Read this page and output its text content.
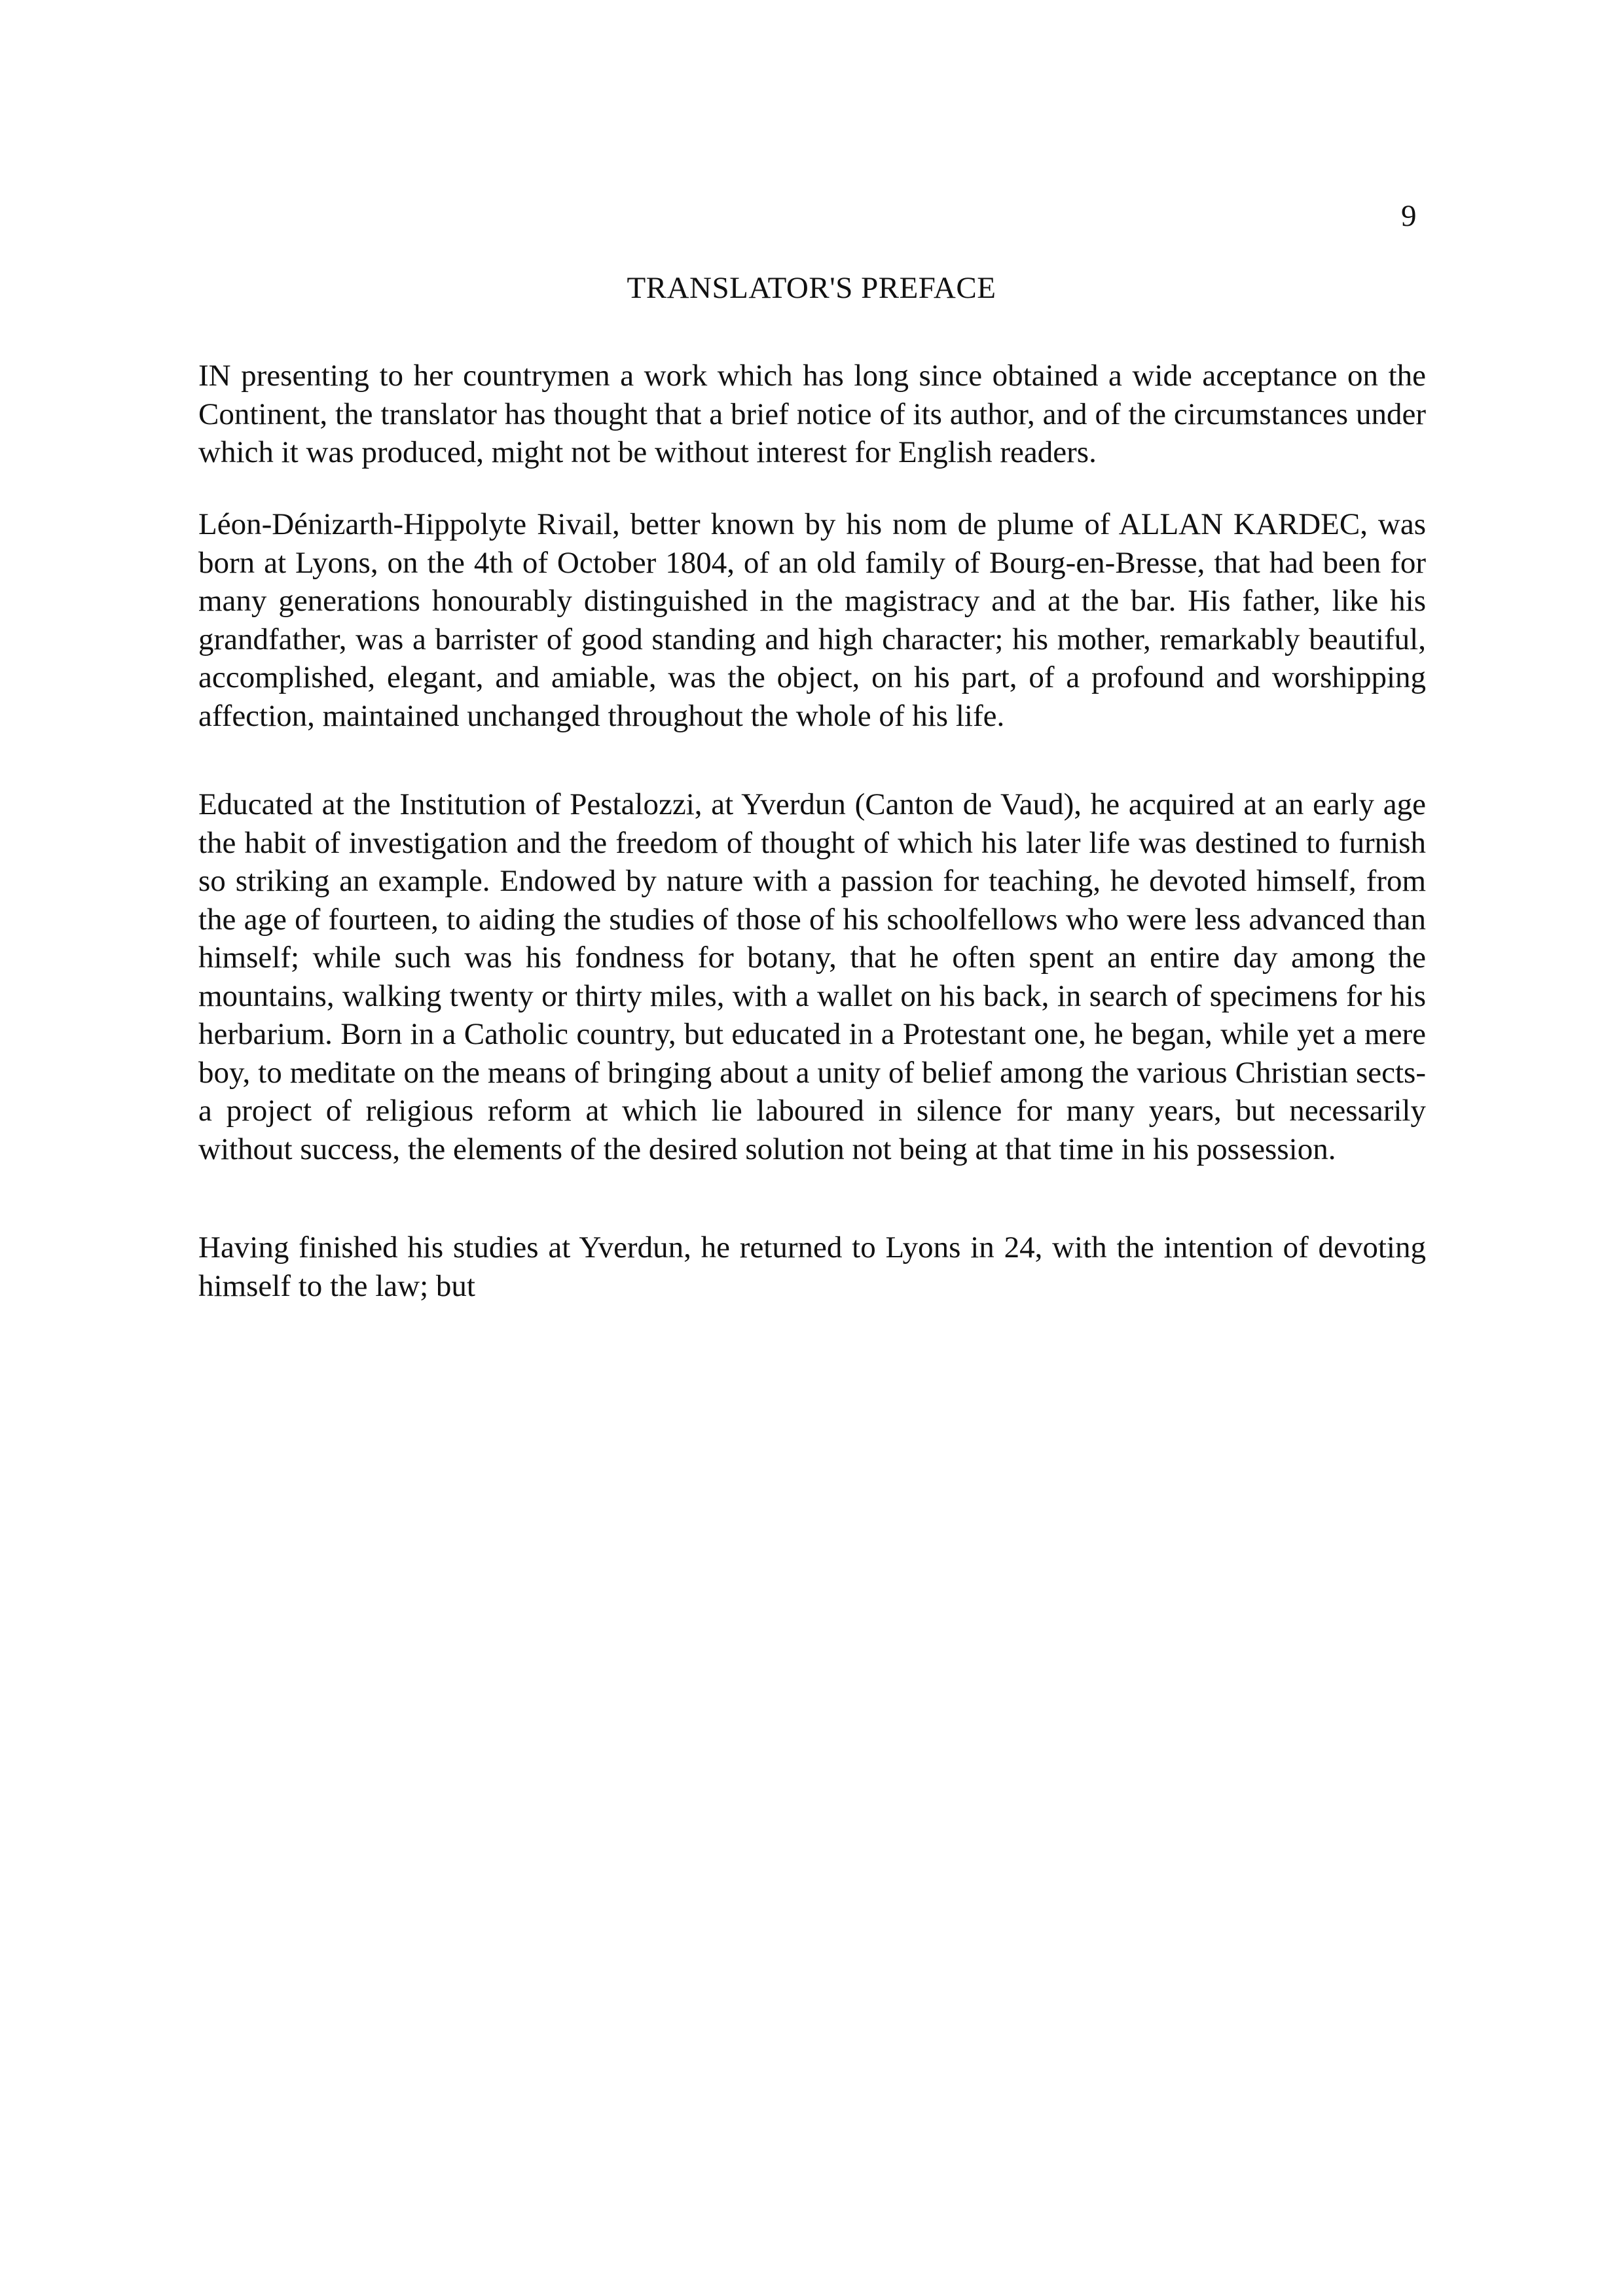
9
TRANSLATOR'S PREFACE

IN presenting to her countrymen a work which has long since obtained a wide acceptance on the Continent, the translator has thought that a brief notice of its author, and of the circumstances under which it was produced, might not be without interest for English readers.

Léon-Dénizarth-Hippolyte Rivail, better known by his nom de plume of ALLAN KARDEC, was born at Lyons, on the 4th of October 1804, of an old family of Bourg-en-Bresse, that had been for many generations honourably distinguished in the magistracy and at the bar. His father, like his grandfather, was a barrister of good standing and high character; his mother, remarkably beautiful, accomplished, elegant, and amiable, was the object, on his part, of a profound and worshipping affection, maintained unchanged throughout the whole of his life.

Educated at the Institution of Pestalozzi, at Yverdun (Canton de Vaud), he acquired at an early age the habit of investigation and the freedom of thought of which his later life was destined to furnish so striking an example. Endowed by nature with a passion for teaching, he devoted himself, from the age of fourteen, to aiding the studies of those of his schoolfellows who were less advanced than himself; while such was his fondness for botany, that he often spent an entire day among the mountains, walking twenty or thirty miles, with a wallet on his back, in search of specimens for his herbarium. Born in a Catholic country, but educated in a Protestant one, he began, while yet a mere boy, to meditate on the means of bringing about a unity of belief among the various Christian sects-a project of religious reform at which lie laboured in silence for many years, but necessarily without success, the elements of the desired solution not being at that time in his possession.

Having finished his studies at Yverdun, he returned to Lyons in 24, with the intention of devoting himself to the law; but
